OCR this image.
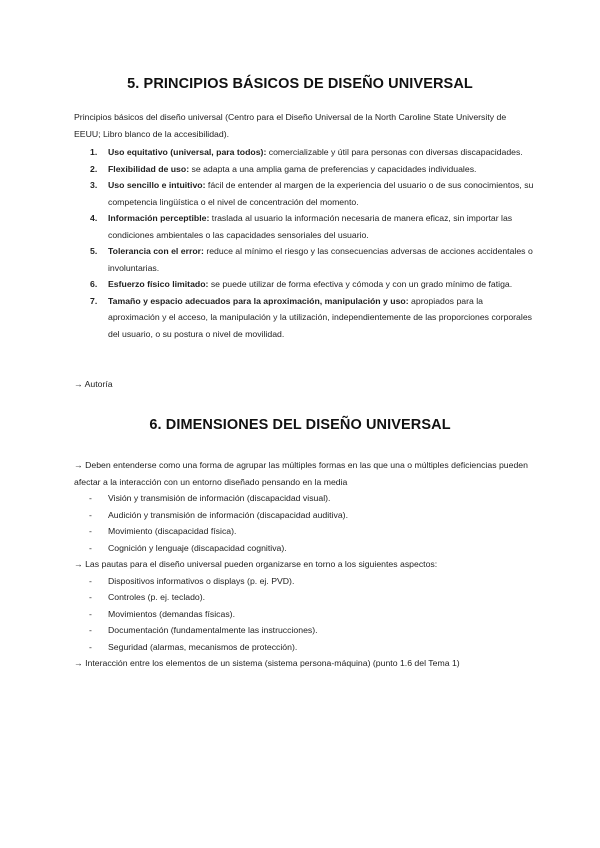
5. PRINCIPIOS BÁSICOS DE DISEÑO UNIVERSAL
Principios básicos del diseño universal (Centro para el Diseño Universal de la North Caroline State University de EEUU; Libro blanco de la accesibilidad).
1. Uso equitativo (universal, para todos): comercializable y útil para personas con diversas discapacidades.
2. Flexibilidad de uso: se adapta a una amplia gama de preferencias y capacidades individuales.
3. Uso sencillo e intuitivo: fácil de entender al margen de la experiencia del usuario o de sus conocimientos, su competencia lingüística o el nivel de concentración del momento.
4. Información perceptible: traslada al usuario la información necesaria de manera eficaz, sin importar las condiciones ambientales o las capacidades sensoriales del usuario.
5. Tolerancia con el error: reduce al mínimo el riesgo y las consecuencias adversas de acciones accidentales o involuntarias.
6. Esfuerzo físico limitado: se puede utilizar de forma efectiva y cómoda y con un grado mínimo de fatiga.
7. Tamaño y espacio adecuados para la aproximación, manipulación y uso: apropiados para la aproximación y el acceso, la manipulación y la utilización, independientemente de las proporciones corporales del usuario, o su postura o nivel de movilidad.
→ Autoría
6. DIMENSIONES DEL DISEÑO UNIVERSAL
→ Deben entenderse como una forma de agrupar las múltiples formas en las que una o múltiples deficiencias pueden afectar a la interacción con un entorno diseñado pensando en la media
- Visión y transmisión de información (discapacidad visual).
- Audición y transmisión de información (discapacidad auditiva).
- Movimiento (discapacidad física).
- Cognición y lenguaje (discapacidad cognitiva).
→ Las pautas para el diseño universal pueden organizarse en torno a los siguientes aspectos:
- Dispositivos informativos o displays (p. ej. PVD).
- Controles (p. ej. teclado).
- Movimientos (demandas físicas).
- Documentación (fundamentalmente las instrucciones).
- Seguridad (alarmas, mecanismos de protección).
→ Interacción entre los elementos de un sistema (sistema persona-máquina) (punto 1.6 del Tema 1)
